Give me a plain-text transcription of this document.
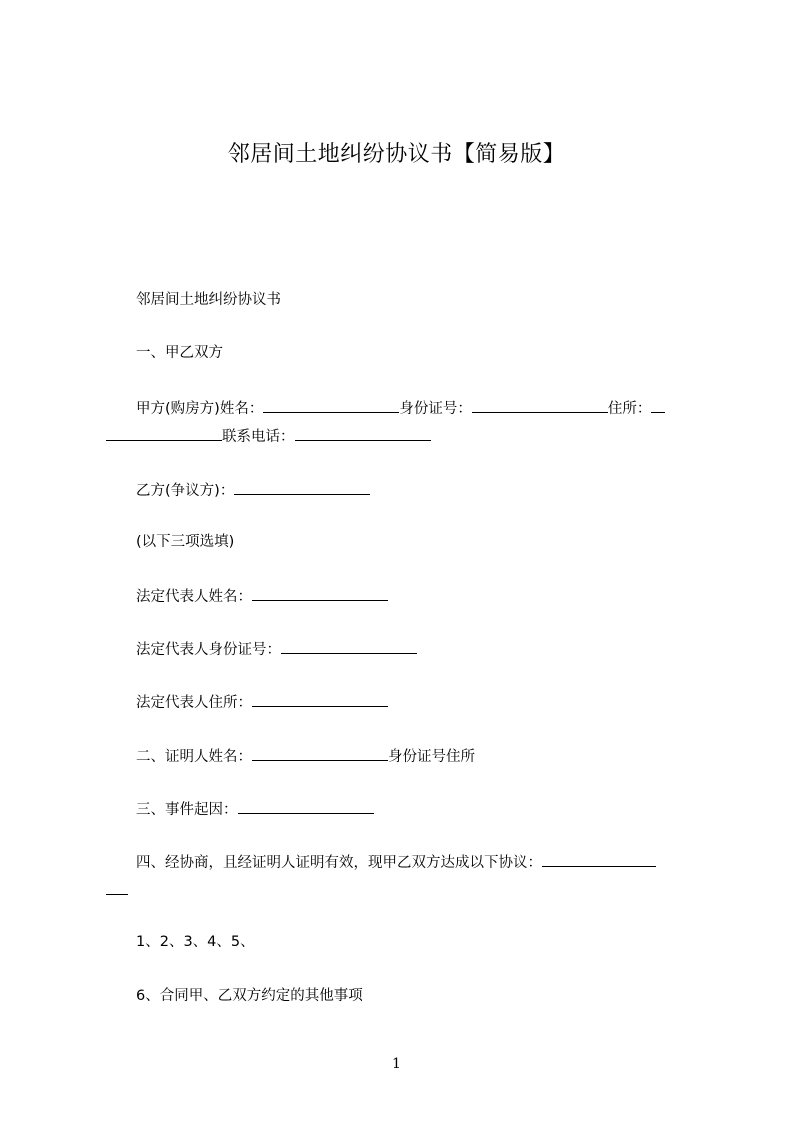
邻居间土地纠纷协议书【简易版】
邻居间土地纠纷协议书
一、甲乙双方
甲方(购房方)姓名：	身份证号：	住所：
联系电话：
乙方(争议方)：
(以下三项选填)
法定代表人姓名：
法定代表人身份证号：
法定代表人住所：
二、证明人姓名：	身份证号住所
三、事件起因：
四、经协商，且经证明人证明有效，现甲乙双方达成以下协议：
1、2、3、4、5、
6、合同甲、乙双方约定的其他事项
1
